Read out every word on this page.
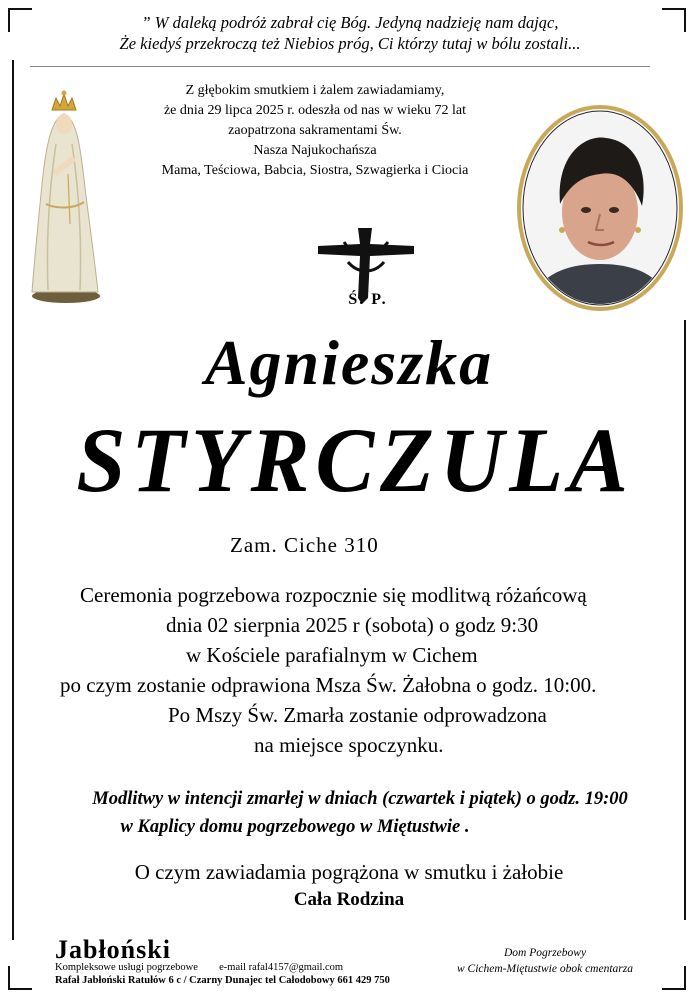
” W daleką podróż zabrał cię Bóg. Jedyną nadzieję nam dając,
Że kiedyś przekroczą też Niebios próg, Ci którzy tutaj w bólu zostali...
Z głębokim smutkiem i żalem zawiadamiamy,
że dnia 29 lipca 2025 r. odeszła od nas w wieku 72 lat
zaopatrzona sakramentami Św.
Nasza Najukochańsza
Mama, Teściowa, Babcia, Siostra, Szwagierka i Ciocia
Ś. P.
Agnieszka
STYRCZULA
Zam. Ciche 310
Ceremonia pogrzebowa rozpocznie się modlitwą różańcową
dnia 02 sierpnia 2025 r (sobota) o godz 9:30
w Kościele parafialnym w Cichem
po czym zostanie odprawiona Msza Św. Żałobna o godz. 10:00.
Po Mszy Św. Zmarła zostanie odprowadzona
na miejsce spoczynku.
Modlitwy w intencji zmarłej w dniach (czwartek i piątek) o godz. 19:00
w Kaplicy domu pogrzebowego w Miętustwie .
O czym zawiadamia pogrążona w smutku i żałobie
Cała Rodzina
Jabłoński
Kompleksowe usługi pogrzebowe e-mail rafal4157@gmail.com
Rafał Jabłoński Ratułów 6 c / Czarny Dunajec tel Całodobowy 661 429 750
Dom Pogrzebowy
w Cichem-Miętustwie obok cmentarza
